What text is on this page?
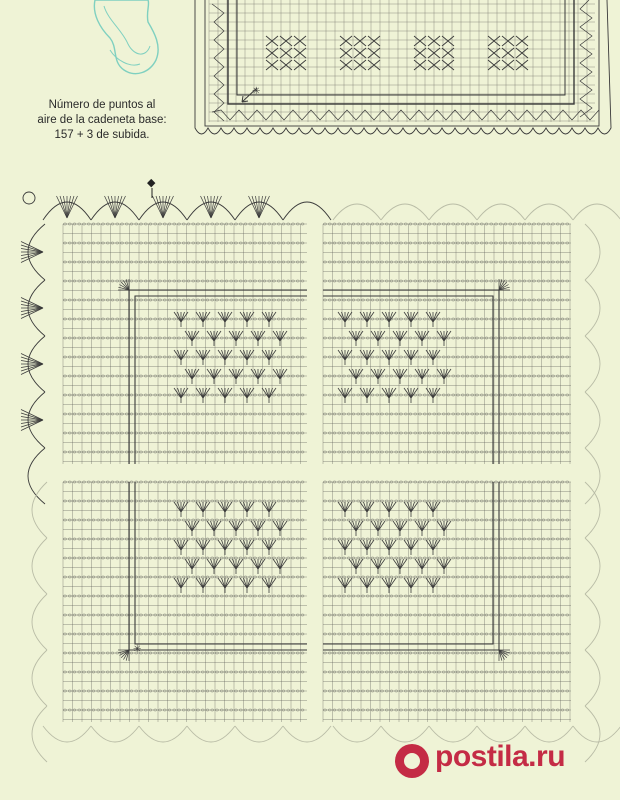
✳
◆
✳
Número de puntos al
aire de la cadeneta base:
157 + 3 de subida.
postila.ru
